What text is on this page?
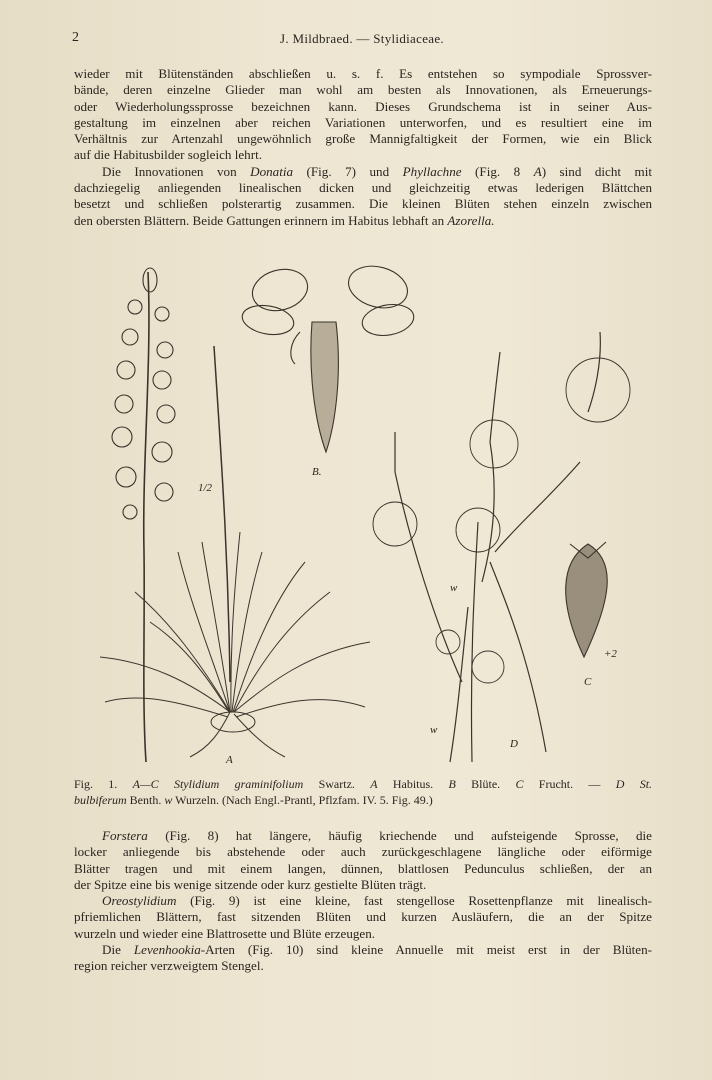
2	J. Mildbraed. — Stylidiaceae.
wieder mit Blütenständen abschließen u. s. f. Es entstehen so sympodiale Sprossver-
bände, deren einzelne Glieder man wohl am besten als Innovationen, als Erneuerungs-
oder Wiederholungssprosse bezeichnen kann. Dieses Grundschema ist in seiner Aus-
gestaltung im einzelnen aber reichen Variationen unterworfen, und es resultiert eine im
Verhältnis zur Artenzahl ungewöhnlich große Mannigfaltigkeit der Formen, wie ein Blick
auf die Habitusbilder sogleich lehrt.
Die Innovationen von Donatia (Fig. 7) und Phyllachne (Fig. 8 A) sind dicht mit
dachziegelig anliegenden linealischen dicken und gleichzeitig etwas lederigen Blättchen
besetzt und schließen polsterartig zusammen. Die kleinen Blüten stehen einzeln zwischen
den obersten Blättern. Beide Gattungen erinnern im Habitus lebhaft an Azorella.
A
B.
C
D
1/2
+2
w
w
Fig. 1. A—C Stylidium graminifolium Swartz. A Habitus. B Blüte. C Frucht. — D St.
bulbiferum Benth. w Wurzeln. (Nach Engl.-Prantl, Pflzfam. IV. 5. Fig. 49.)
Forstera (Fig. 8) hat längere, häufig kriechende und aufsteigende Sprosse, die
locker anliegende bis abstehende oder auch zurückgeschlagene längliche oder eiförmige
Blätter tragen und mit einem langen, dünnen, blattlosen Pedunculus schließen, der an
der Spitze eine bis wenige sitzende oder kurz gestielte Blüten trägt.
Oreostylidium (Fig. 9) ist eine kleine, fast stengellose Rosettenpflanze mit linealisch-
pfriemlichen Blättern, fast sitzenden Blüten und kurzen Ausläufern, die an der Spitze
wurzeln und wieder eine Blattrosette und Blüte erzeugen.
Die Levenhookia-Arten (Fig. 10) sind kleine Annuelle mit meist erst in der Blüten-
region reicher verzweigtem Stengel.
